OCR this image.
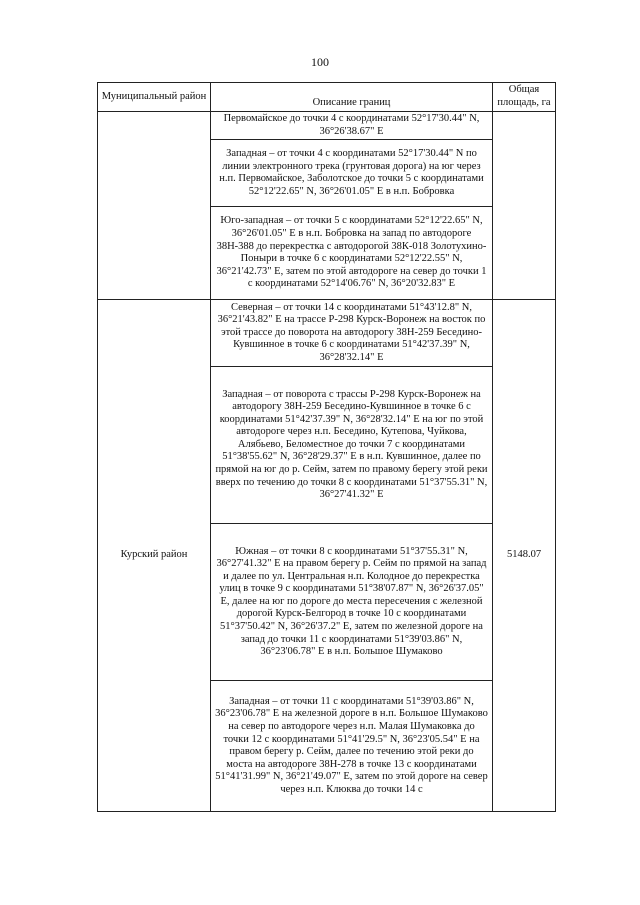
100
Муниципальный район	Описание границ	Общая площадь, га
	Первомайское до точки 4 с координатами 52°17'30.44" N, 36°26'38.67" E	
	Западная – от точки 4 с координатами 52°17'30.44" N по линии электронного трека (грунтовая дорога) на юг через н.п. Первомайское, Заболотское до точки 5 с координатами 52°12'22.65" N, 36°26'01.05" E в н.п. Бобровка	
	Юго-западная – от точки 5 с координатами 52°12'22.65" N, 36°26'01.05" E в н.п. Бобровка на запад по автодороге 38Н-388 до перекрестка с автодорогой 38К-018 Золотухино-Поныри в точке 6 с координатами 52°12'22.55" N, 36°21'42.73" E, затем по этой автодороге на север до точки 1 с координатами 52°14'06.76" N, 36°20'32.83" E	
Курский район	Северная – от точки 14 с координатами 51°43'12.8" N, 36°21'43.82" E на трассе Р-298 Курск-Воронеж на восток по этой трассе до поворота на автодорогу 38Н-259 Беседино-Кувшинное в точке 6 с координатами 51°42'37.39" N, 36°28'32.14" E	5148.07
	Западная – от поворота с трассы Р-298 Курск-Воронеж на автодорогу 38Н-259 Беседино-Кувшинное в точке 6 с координатами 51°42'37.39" N, 36°28'32.14" E на юг по этой автодороге через н.п. Беседино, Кутепова, Чуйкова, Алябьево, Беломестное до точки 7 с координатами 51°38'55.62" N, 36°28'29.37" E в н.п. Кувшинное, далее по прямой на юг до р. Сейм, затем по правому берегу этой реки вверх по течению до точки 8 с координатами 51°37'55.31" N, 36°27'41.32" E	
	Южная – от точки 8 с координатами 51°37'55.31" N, 36°27'41.32" E на правом берегу р. Сейм по прямой на запад и далее по ул. Центральная н.п. Колодное до перекрестка улиц в точке 9 с координатами 51°38'07.87" N, 36°26'37.05" E, далее на юг по дороге до места пересечения с железной дорогой Курск-Белгород в точке 10 с координатами 51°37'50.42" N, 36°26'37.2" E, затем по железной дороге на запад до точки 11 с координатами 51°39'03.86" N, 36°23'06.78" E в н.п. Большое Шумаково	
	Западная – от точки 11 с координатами 51°39'03.86" N, 36°23'06.78" E на железной дороге в н.п. Большое Шумаково на север по автодороге через н.п. Малая Шумаковка до точки 12 с координатами 51°41'29.5" N, 36°23'05.54" E на правом берегу р. Сейм, далее по течению этой реки до моста на автодороге 38Н-278 в точке 13 с координатами 51°41'31.99" N, 36°21'49.07" E, затем по этой дороге на север через н.п. Клюква до точки 14 с	
